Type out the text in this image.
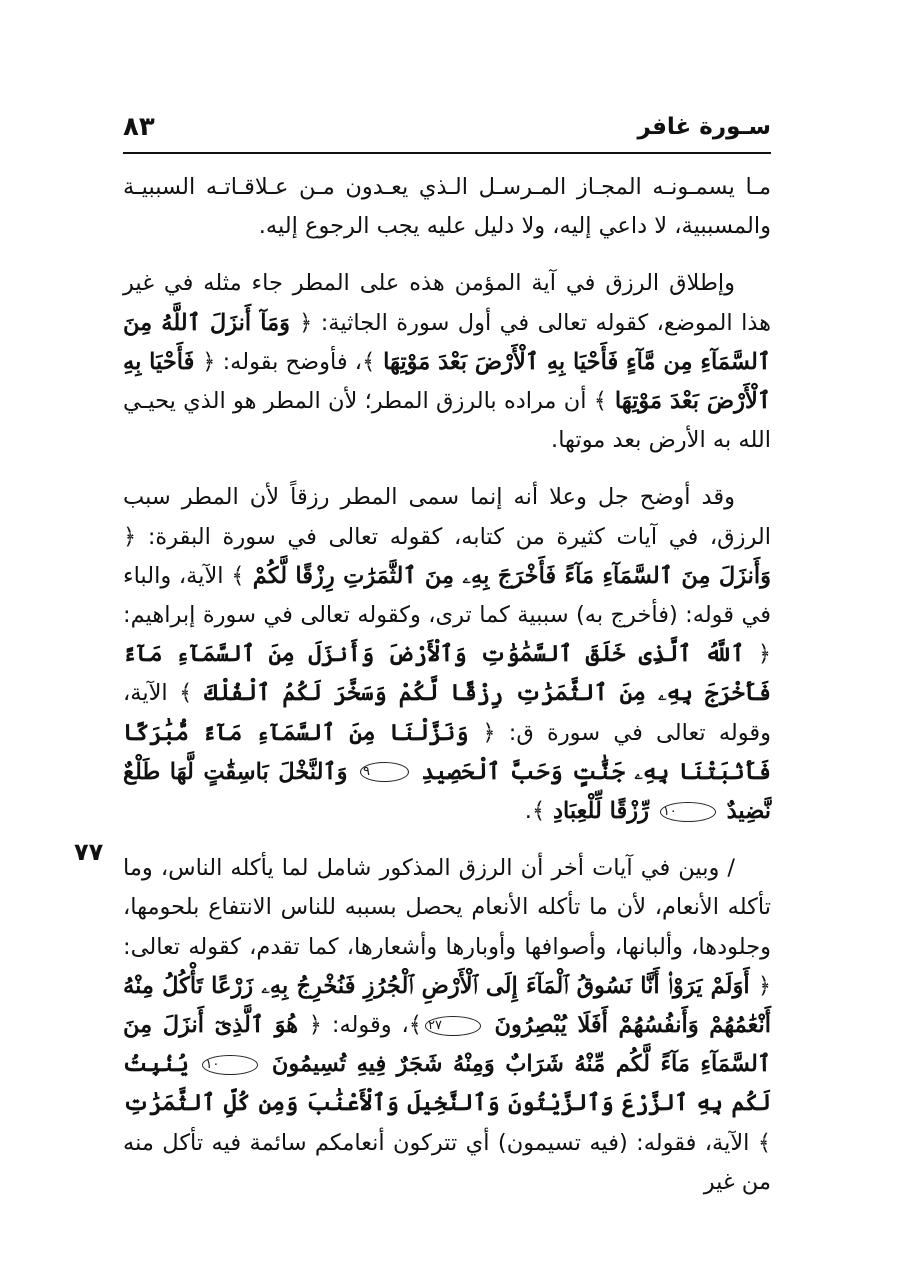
سـورة غافر
٨٣
٧٧

مـا يسمـونـه المجـاز المـرسـل الـذي يعـدون مـن عـلاقـاتـه السببيـة والمسببية، لا داعي إليه، ولا دليل عليه يجب الرجوع إليه.

وإطلاق الرزق في آية المؤمن هذه على المطر جاء مثله في غير هذا الموضع، كقوله تعالى في أول سورة الجاثية: ﴿ وَمَآ أَنزَلَ ٱللَّهُ مِنَ ٱلسَّمَآءِ مِن مَّآءٍ فَأَحْيَا بِهِ ٱلْأَرْضَ بَعْدَ مَوْتِهَا ﴾، فأوضح بقوله: ﴿ فَأَحْيَا بِهِ ٱلْأَرْضَ بَعْدَ مَوْتِهَا ﴾ أن مراده بالرزق المطر؛ لأن المطر هو الذي يحيـي الله به الأرض بعد موتها.

وقد أوضح جل وعلا أنه إنما سمى المطر رزقاً لأن المطر سبب الرزق، في آيات كثيرة من كتابه، كقوله تعالى في سورة البقرة: ﴿ وَأَنزَلَ مِنَ ٱلسَّمَآءِ مَآءً فَأَخْرَجَ بِهِۦ مِنَ ٱلثَّمَرَٰتِ رِزْقًا لَّكُمْ ﴾ الآية، والباء في قوله: (فأخرج به) سببية كما ترى، وكقوله تعالى في سورة إبراهيم: ﴿ ٱللَّهُ ٱلَّذِى خَلَقَ ٱلسَّمَٰوَٰتِ وَٱلْأَرْضَ وَأَنزَلَ مِنَ ٱلسَّمَآءِ مَآءً فَأَخْرَجَ بِهِۦ مِنَ ٱلثَّمَرَٰتِ رِزْقًا لَّكُمْ وَسَخَّرَ لَكُمُ ٱلْفُلْكَ ﴾ الآية، وقوله تعالى في سورة ق: ﴿ وَنَزَّلْنَا مِنَ ٱلسَّمَآءِ مَآءً مُّبَٰرَكًا فَأَنۢبَتْنَا بِهِۦ جَنَّٰتٍ وَحَبَّ ٱلْحَصِيدِ ٩ وَٱلنَّخْلَ بَاسِقَٰتٍ لَّهَا طَلْعٌ نَّضِيدٌ ١٠ رِّزْقًا لِّلْعِبَادِ ﴾.

/ وبين في آيات أخر أن الرزق المذكور شامل لما يأكله الناس، وما تأكله الأنعام، لأن ما تأكله الأنعام يحصل بسببه للناس الانتفاع بلحومها، وجلودها، وألبانها، وأصوافها وأوبارها وأشعارها، كما تقدم، كقوله تعالى: ﴿ أَوَلَمْ يَرَوْا۟ أَنَّا نَسُوقُ ٱلْمَآءَ إِلَى ٱلْأَرْضِ ٱلْجُرُزِ فَنُخْرِجُ بِهِۦ زَرْعًا تَأْكُلُ مِنْهُ أَنْعَٰمُهُمْ وَأَنفُسُهُمْ أَفَلَا يُبْصِرُونَ ٢٧﴾، وقوله: ﴿ هُوَ ٱلَّذِىٓ أَنزَلَ مِنَ ٱلسَّمَآءِ مَآءً لَّكُم مِّنْهُ شَرَابٌ وَمِنْهُ شَجَرٌ فِيهِ تُسِيمُونَ ١٠ يُنۢبِتُ لَكُم بِهِ ٱلزَّرْعَ وَٱلزَّيْتُونَ وَٱلنَّخِيلَ وَٱلْأَعْنَٰبَ وَمِن كُلِّ ٱلثَّمَرَٰتِ ﴾ الآية، فقوله: (فيه تسيمون) أي تتركون أنعامكم سائمة فيه تأكل منه من غير
